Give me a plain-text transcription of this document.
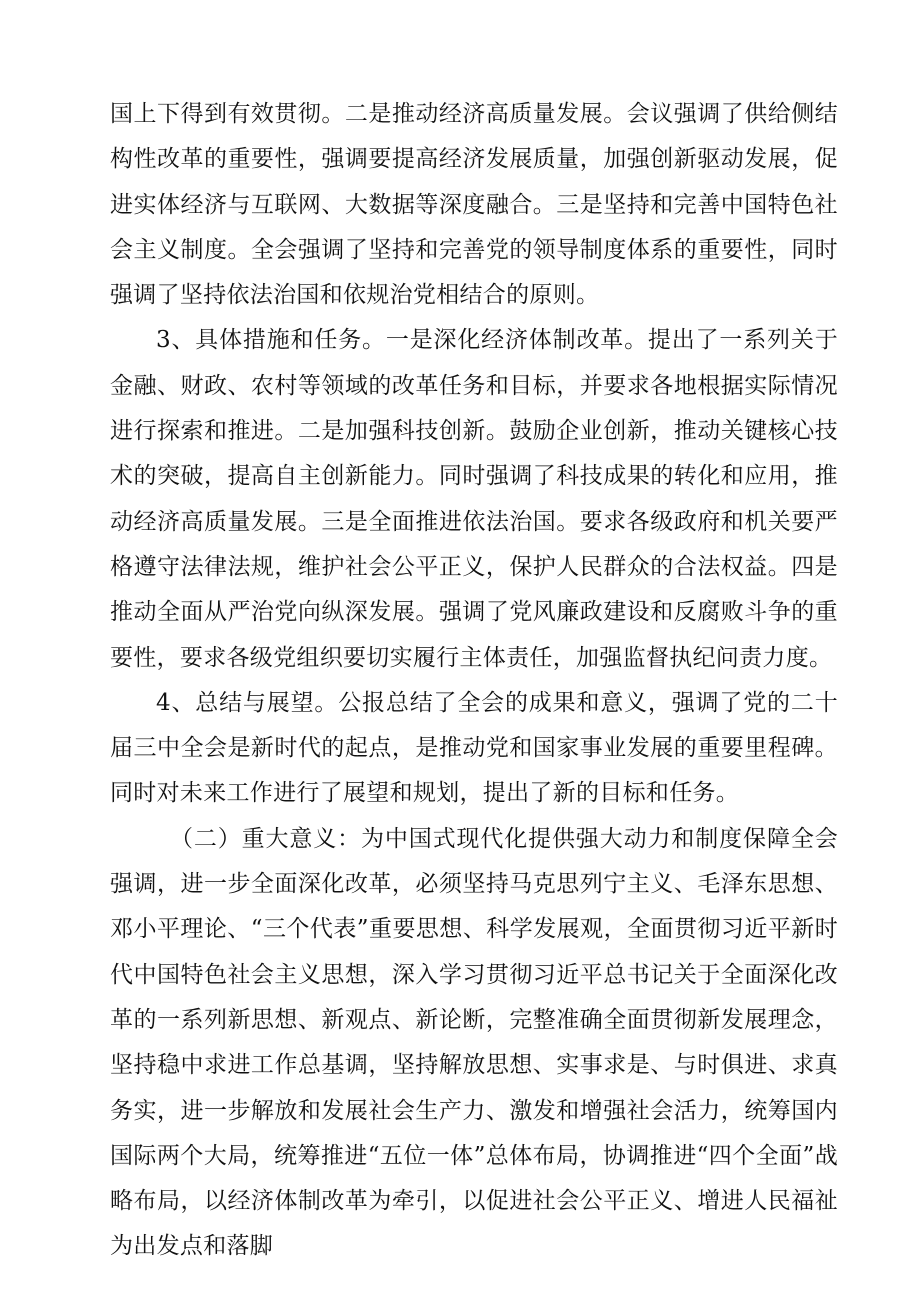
国上下得到有效贯彻。二是推动经济高质量发展。会议强调了供给侧结构性改革的重要性，强调要提高经济发展质量，加强创新驱动发展，促进实体经济与互联网、大数据等深度融合。三是坚持和完善中国特色社会主义制度。全会强调了坚持和完善党的领导制度体系的重要性，同时强调了坚持依法治国和依规治党相结合的原则。

3、具体措施和任务。一是深化经济体制改革。提出了一系列关于金融、财政、农村等领域的改革任务和目标，并要求各地根据实际情况进行探索和推进。二是加强科技创新。鼓励企业创新，推动关键核心技术的突破，提高自主创新能力。同时强调了科技成果的转化和应用，推动经济高质量发展。三是全面推进依法治国。要求各级政府和机关要严格遵守法律法规，维护社会公平正义，保护人民群众的合法权益。四是推动全面从严治党向纵深发展。强调了党风廉政建设和反腐败斗争的重要性，要求各级党组织要切实履行主体责任，加强监督执纪问责力度。

4、总结与展望。公报总结了全会的成果和意义，强调了党的二十届三中全会是新时代的起点，是推动党和国家事业发展的重要里程碑。同时对未来工作进行了展望和规划，提出了新的目标和任务。

（二）重大意义：为中国式现代化提供强大动力和制度保障全会强调，进一步全面深化改革，必须坚持马克思列宁主义、毛泽东思想、邓小平理论、“三个代表”重要思想、科学发展观，全面贯彻习近平新时代中国特色社会主义思想，深入学习贯彻习近平总书记关于全面深化改革的一系列新思想、新观点、新论断，完整准确全面贯彻新发展理念，坚持稳中求进工作总基调，坚持解放思想、实事求是、与时俱进、求真务实，进一步解放和发展社会生产力、激发和增强社会活力，统筹国内国际两个大局，统筹推进“五位一体”总体布局，协调推进“四个全面”战略布局，以经济体制改革为牵引，以促进社会公平正义、增进人民福祉为出发点和落脚
